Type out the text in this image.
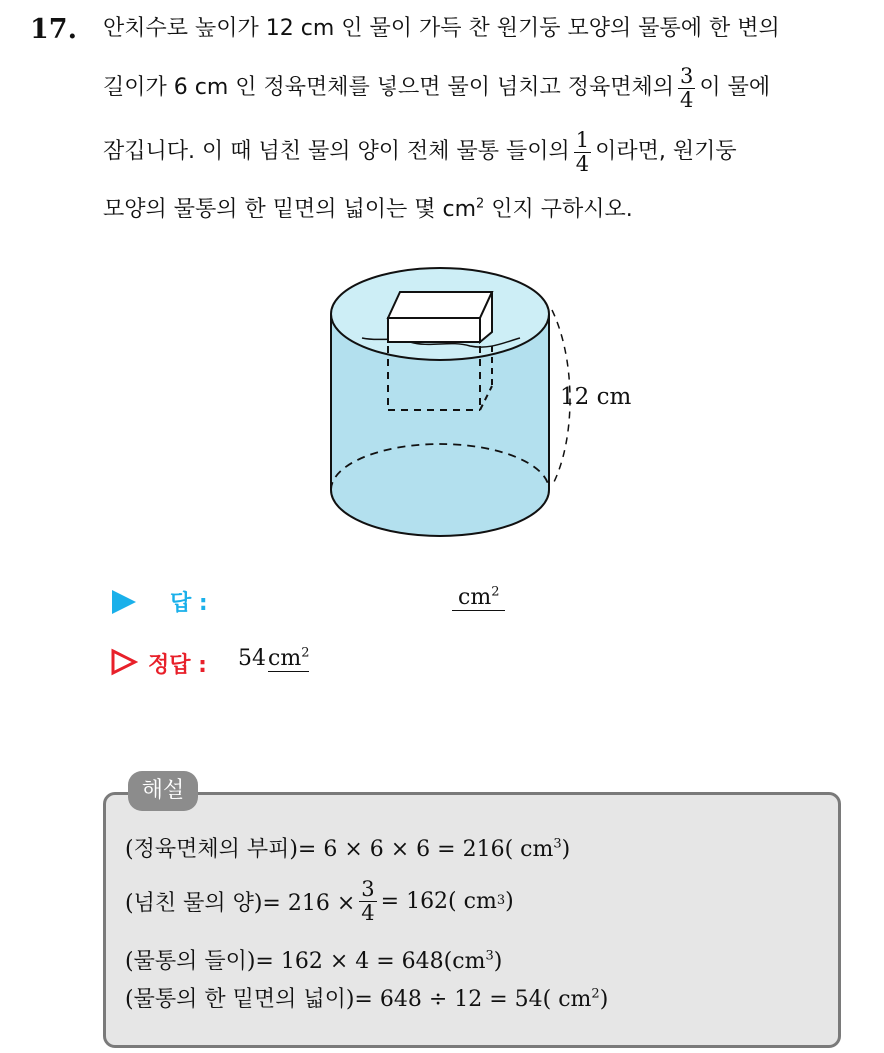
17. 안치수로 높이가 12 cm 인 물이 가득 찬 원기둥 모양의 물통에 한 변의
길이가 6 cm 인 정육면체를 넣으면 물이 넘치고 정육면체의 $\frac{3}{4}$ 이 물에
잠깁니다. 이 때 넘친 물의 양이 전체 물통 들이의 $\frac{1}{4}$ 이라면, 원기둥
모양의 물통의 한 밑면의 넓이는 몇 $cm^2$ 인지 구하시오.
12 cm
답 :	$cm^2$
정답 : $54cm^2$
해설
(정육면체의 부피)= 6 × 6 × 6 = 216( $cm^3$)
(넘친 물의 양)= $216 \times \frac{3}{4} = 162$( cm 3 )
(물통의 들이)= $162 \times 4 = 648(cm^3)$
(물통의 한 밑면의 넓이)= 648 ÷ 12 = 54( $cm^2$)
